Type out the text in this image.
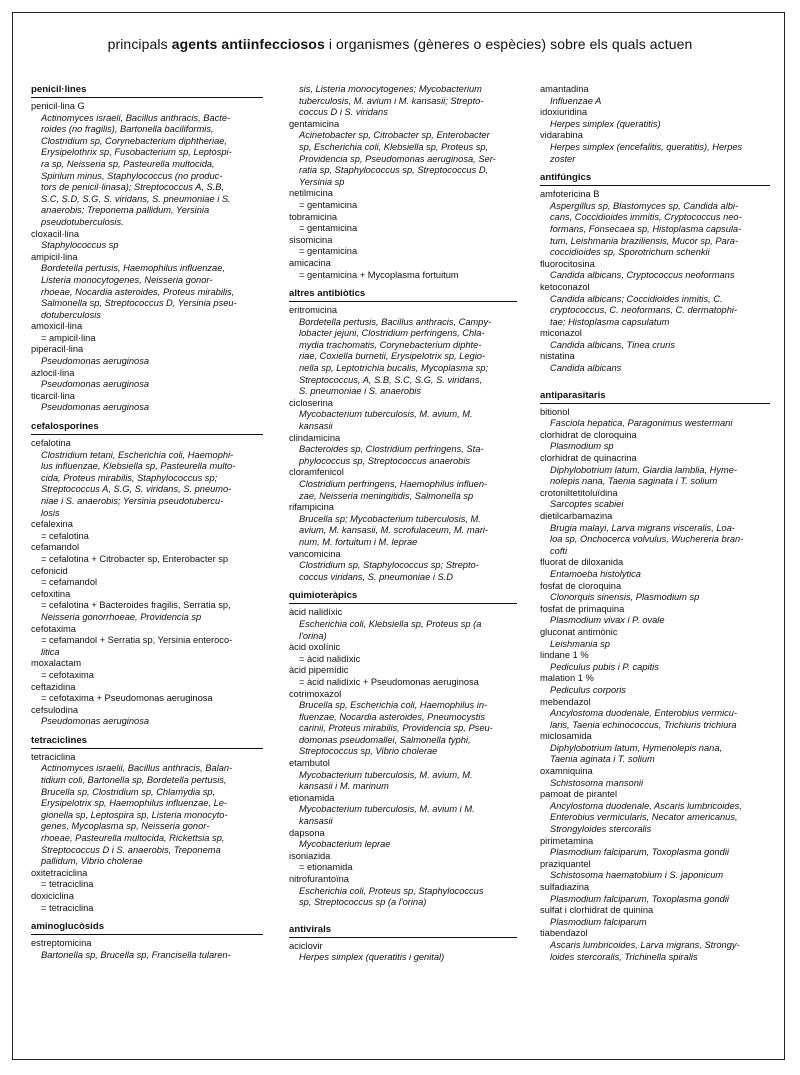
principals agents antiinfecciosos i organismes (gèneres o espècies) sobre els quals actuen
penicil·lines
penicil·lina G
Actinomyces israeli, Bacillus anthracis, Bacte-
roides (no fragilis), Bartonella baciliformis,
Clostridium sp, Corynebacterium diphtheriae,
Erysipelothrix sp, Fusobacterium sp, Leptospi-
ra sp, Neisseria sp, Pasteurella multocida,
Spirilum minus, Staphylococcus (no produc-
tors de penicil·linasa); Streptococcus A, S.B,
S.C, S.D, S.G, S. viridans, S. pneumoniae i S.
anaerobis; Treponema pallidum, Yersinia
pseudotuberculosis.
cloxacil·lina
Staphylococcus sp
ampicil·lina
Bordetella pertusis, Haemophilus influenzae,
Listeria monocytogenes, Neisseria gonor-
rhoeae, Nocardia asteroides, Proteus mirabilis,
Salmonella sp, Streptococcus D, Yersinia pseu-
dotuberculosis
amoxicil·lina
= ampicil·lina
piperacil·lina
Pseudomonas aeruginosa
azlocil·lina
Pseudomonas aeruginosa
ticarcil·lina
Pseudomonas aeruginosa
cefalosporines
cefalotina
Clostridium tetani, Escherichia coli, Haemophi-
lus influenzae, Klebsiella sp, Pasteurella multo-
cida, Proteus mirabilis, Staphylococcus sp;
Streptococcus A, S.G, S. viridans, S. pneumo-
niae i S. anaerobis; Yersinia pseudotubercu-
losis
cefalexina
= cefalotina
cefamandol
= cefalotina + Citrobacter sp, Enterobacter sp
cefonicid
= cefamandol
cefoxitina
= cefalotina + Bacteroides fragilis, Serratia sp,
Neisseria gonorrhoeae, Providencia sp
cefotaxima
= cefamandol + Serratia sp, Yersinia enteroco-
litica
moxalactam
= cefotaxima
ceftazidina
= cefotaxima + Pseudomonas aeruginosa
cefsulodina
Pseudomonas aeruginosa
tetraciclines
tetraciclina
Actinomyces israelii, Bacillus anthracis, Balan-
tidium coli, Bartonella sp, Bordetella pertusis,
Brucella sp, Clostridium sp, Chlamydia sp,
Erysipelotrix sp, Haemophilus influenzae, Le-
gionella sp, Leptospira sp, Listeria monocyto-
genes, Mycoplasma sp, Neisseria gonor-
rhoeae, Pasteurella multocida, Rickettsia sp,
Streptococcus D i S. anaerobis, Treponema
pallidum, Vibrio cholerae
oxitetraciclina
= tetraciclina
doxiciclina
= tetraciclina
aminoglucòsids
estreptomicina
Bartonella sp, Brucella sp, Francisella tularen-
sis, Listeria monocytogenes; Mycobacterium
tuberculosis, M. avium i M. kansasii; Strepto-
coccus D i S. viridans
gentamicina
Acinetobacter sp, Citrobacter sp, Enterobacter
sp, Escherichia coli, Klebsiella sp, Proteus sp,
Providencia sp, Pseudomonas aeruginosa, Ser-
ratia sp, Staphylococcus sp, Streptococcus D,
Yersinia sp
netilmicina
= gentamicina
tobramicina
= gentamicina
sisomicina
= gentamicina
amicacina
= gentamicina + Mycoplasma fortuitum
altres antibiòtics
eritromicina
Bordetella pertusis, Bacillus anthracis, Campy-
lobacter jejuni, Clostridium perfringens, Chla-
mydia trachomatis, Corynebacterium diphte-
riae, Coxiella burnetii, Erysipelotrix sp, Legio-
nella sp, Leptotrichia bucalis, Mycoplasma sp;
Streptococcus, A, S.B, S.C, S.G, S. viridans,
S. pneumoniae i S. anaerobis
cicloserina
Mycobacterium tuberculosis, M. avium, M.
kansasii
clindamicina
Bacteroides sp, Clostridium perfringens, Sta-
phylococcus sp, Streptococcus anaerobis
cloramfenicol
Clostridium perfringens, Haemophilus influen-
zae, Neisseria meningitidis, Salmonella sp
rifampicina
Brucella sp; Mycobacterium tuberculosis, M.
avium, M. kansasii, M. scrofulaceum, M. mari-
num, M. fortuitum i M. leprae
vancomicina
Clostridium sp, Staphylococcus sp; Strepto-
coccus viridans, S. pneumoniae i S.D
quimioteràpics
àcid nalidíxic
Escherichia coli, Klebsiella sp, Proteus sp (a
l'orina)
àcid oxolínic
= àcid nalidíxic
àcid pipemídic
= àcid nalidíxic + Pseudomonas aeruginosa
cotrimoxazol
Brucella sp, Escherichia coli, Haemophilus in-
fluenzae, Nocardia asteroides, Pneumocystis
carinii, Proteus mirabilis, Providencia sp, Pseu-
domonas pseudomallei, Salmonella typhi,
Streptococcus sp, Vibrio cholerae
etambutol
Mycobacterium tuberculosis, M. avium, M.
kansasii i M. marinum
etionamida
Mycobacterium tuberculosis, M. avium i M.
kansasii
dapsona
Mycobacterium leprae
isoniazida
= etionamida
nitrofurantoïna
Escherichia coli, Proteus sp, Staphylococcus
sp, Streptococcus sp (a l'orina)
antivirals
aciclovir
Herpes simplex (queratitis i genital)
amantadina
Influenzae A
idoxiuridina
Herpes simplex (queratitis)
vidarabina
Herpes simplex (encefalitis, queratitis), Herpes
zoster
antifúngics
amfotericina B
Aspergillus sp, Blastomyces sp, Candida albi-
cans, Coccidioides immitis, Cryptococcus neo-
formans, Fonsecaea sp, Histoplasma capsula-
tum, Leishmania braziliensis, Mucor sp, Para-
coccidioides sp, Sporotrichum schenkii
fluorocitosina
Candida albicans, Cryptococcus neoformans
ketoconazol
Candida albicans; Coccidioides inmitis, C.
cryptococcus, C. neoformans, C. dermatophi-
tae; Histoplasma capsulatum
miconazol
Candida albicans, Tinea cruris
nistatina
Candida albicans
antiparasitaris
bitionol
Fasciola hepatica, Paragonimus westermani
clorhidrat de cloroquina
Plasmodium sp
clorhidrat de quinacrina
Diphylobotrium latum, Giardia lamblia, Hyme-
nolepis nana, Taenia saginata i T. solium
crotoniltetitoluïdina
Sarcoptes scabiei
dietilcarbamazina
Brugia malayi, Larva migrans visceralis, Loa-
loa sp, Onchocerca volvulus, Wuchereria bran-
cofti
fluorat de diloxanida
Entamoeba histolytica
fosfat de cloroquina
Clonorquis sinensis, Plasmodium sp
fosfat de primaquina
Plasmodium vivax i P. ovale
gluconat antimònic
Leishmania sp
lindane 1 %
Pediculus pubis i P. capitis
malation 1 %
Pediculus corporis
mebendazol
Ancylostoma duodenale, Enterobius vermicu-
laris, Taenia echinococcus, Trichiuris trichiura
miclosamida
Diphylobotrium latum, Hymenolepis nana,
Taenia aginata i T. solium
oxamniquina
Schistosoma mansonii
pamoat de pirantel
Ancylostoma duodenale, Ascaris lumbricoides,
Enterobius vermicularis, Necator americanus,
Strongyloides stercoralis
pirimetamina
Plasmodium falciparum, Toxoplasma gondii
praziquantel
Schistosoma haematobium i S. japonicum
sulfadiazina
Plasmodium falciparum, Toxoplasma gondii
sulfat i clorhidrat de quinina
Plasmodium falciparum
tiabendazol
Ascaris lumbricoides, Larva migrans, Strongy-
loides stercoralis, Trichinella spiralis
